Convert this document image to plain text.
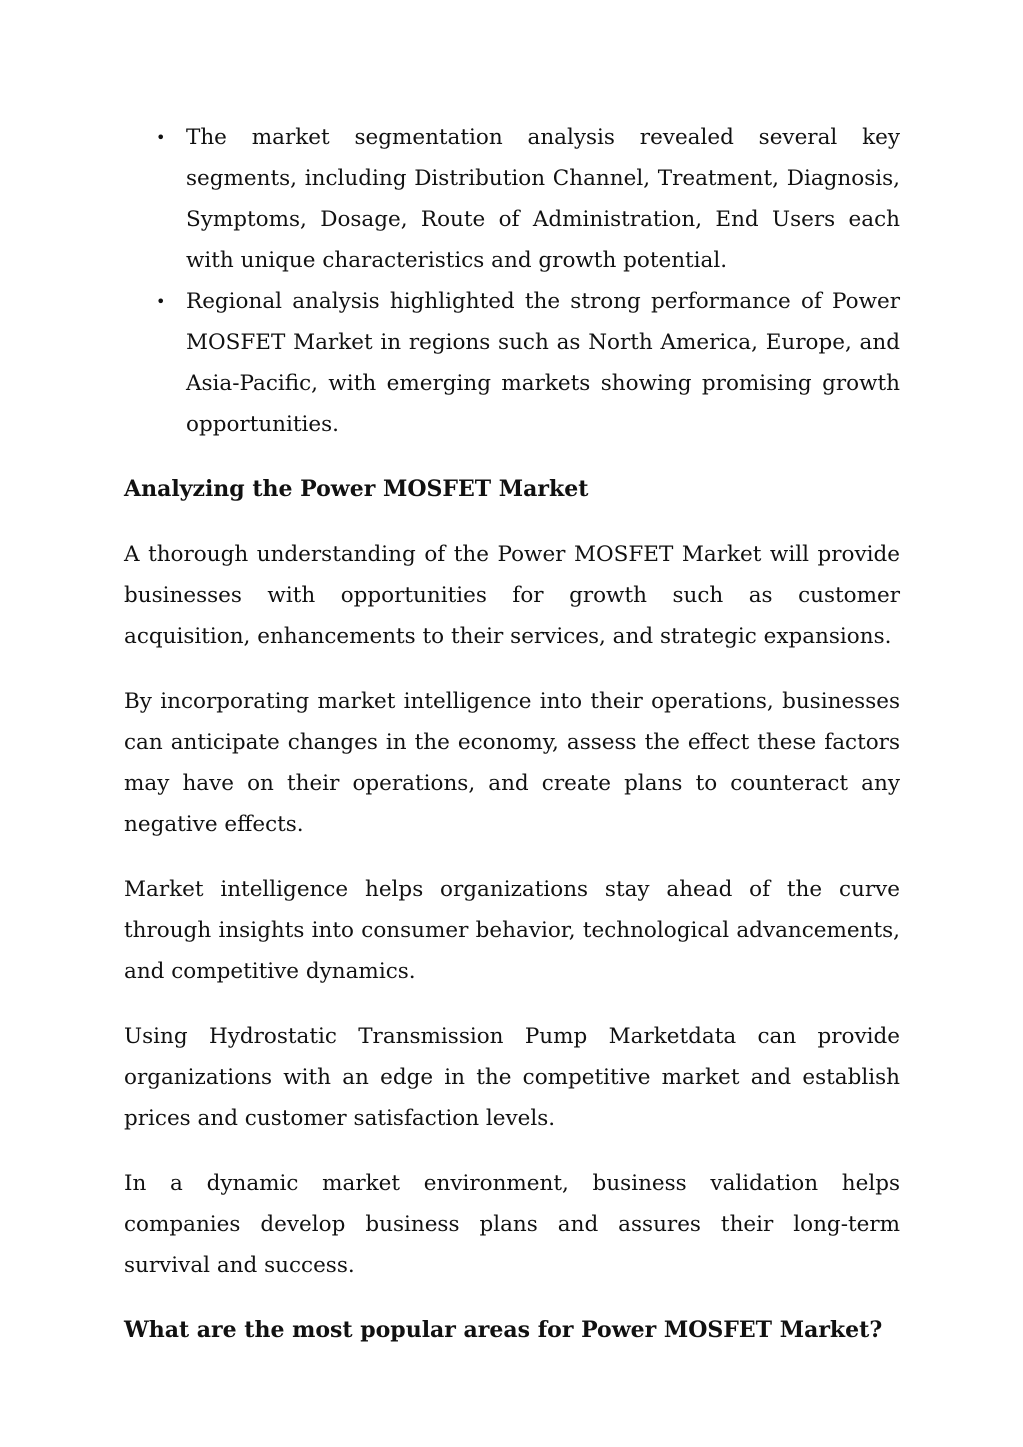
• The market segmentation analysis revealed several key segments, including Distribution Channel, Treatment, Diagnosis, Symptoms, Dosage, Route of Administration, End Users each with unique characteristics and growth potential.
• Regional analysis highlighted the strong performance of Power MOSFET Market in regions such as North America, Europe, and Asia-Pacific, with emerging markets showing promising growth opportunities.
Analyzing the Power MOSFET Market

A thorough understanding of the Power MOSFET Market will provide businesses with opportunities for growth such as customer acquisition, enhancements to their services, and strategic expansions.

By incorporating market intelligence into their operations, businesses can anticipate changes in the economy, assess the effect these factors may have on their operations, and create plans to counteract any negative effects.

Market intelligence helps organizations stay ahead of the curve through insights into consumer behavior, technological advancements, and competitive dynamics.

Using Hydrostatic Transmission Pump Marketdata can provide organizations with an edge in the competitive market and establish prices and customer satisfaction levels.

In a dynamic market environment, business validation helps companies develop business plans and assures their long-term survival and success.

What are the most popular areas for Power MOSFET Market?
